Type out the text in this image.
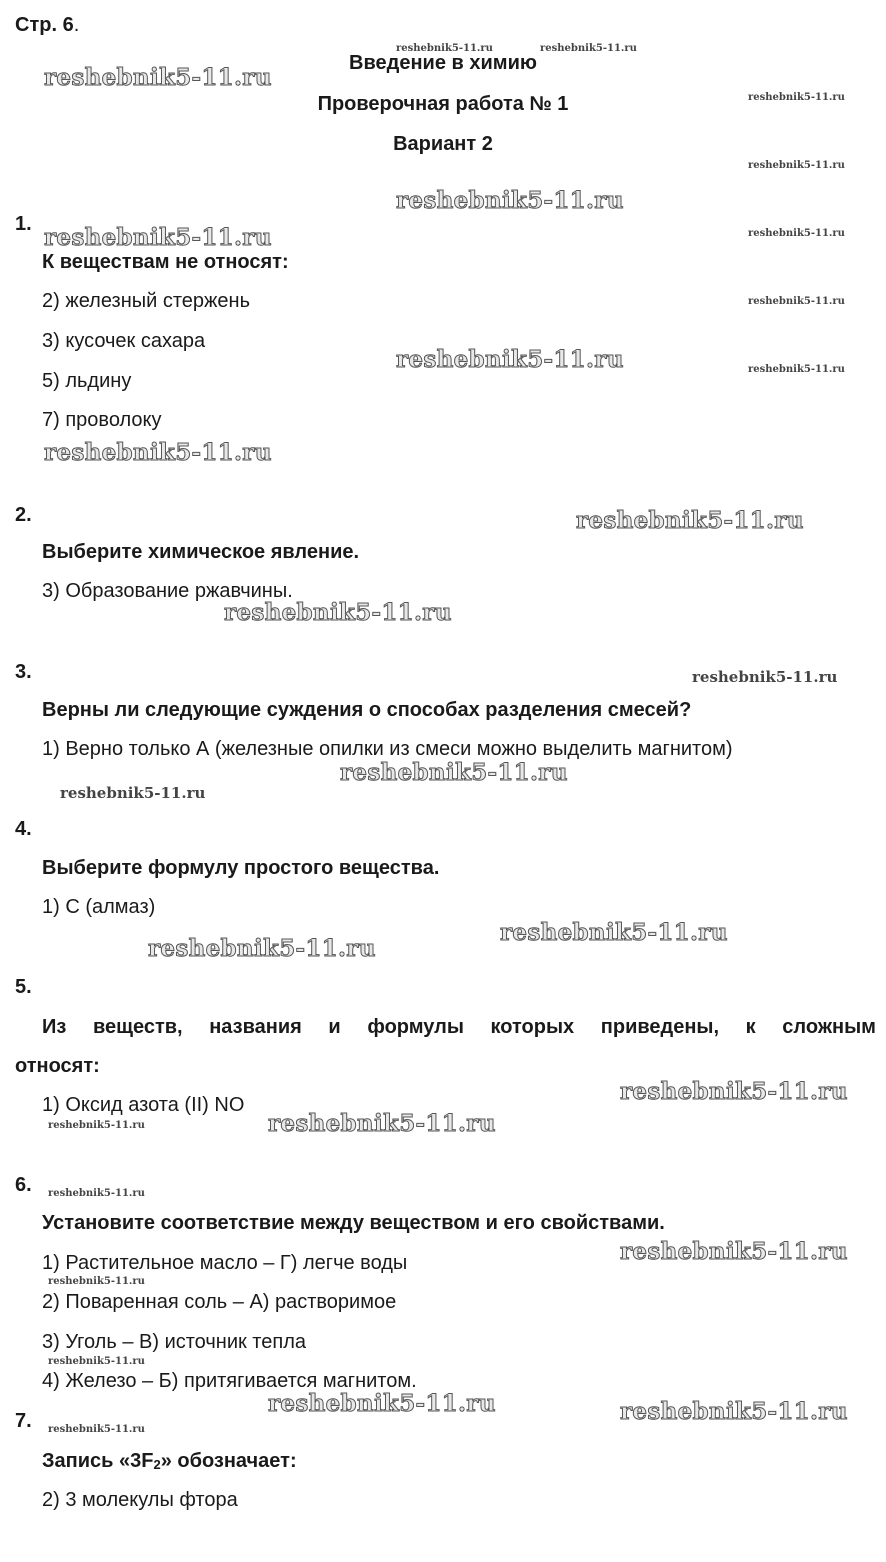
Стр. 6.
Введение в химию
Проверочная работа № 1
Вариант 2
1.
К веществам не относят:
2) железный стержень
3) кусочек сахара
5) льдину
7) проволоку
2.
Выберите химическое явление.
3) Образование ржавчины.
3.
Верны ли следующие суждения о способах разделения смесей?
1) Верно только А (железные опилки из смеси можно выделить магнитом)
4.
Выберите формулу простого вещества.
1) С (алмаз)
5.
Из веществ, названия и формулы которых приведены, к сложным
относят:
1) Оксид азота (II) NO
6.
Установите соответствие между веществом и его свойствами.
1) Растительное масло – Г) легче воды
2) Поваренная соль – А) растворимое
3) Уголь – В) источник тепла
4) Железо – Б) притягивается магнитом.
7.
Запись «$3F_2$» обозначает:
2) 3 молекулы фтора
reshebnik5-11.ru
reshebnik5-11.ru
reshebnik5-11.ru
reshebnik5-11.ru
reshebnik5-11.ru
reshebnik5-11.ru
reshebnik5-11.ru
reshebnik5-11.ru
reshebnik5-11.ru
reshebnik5-11.ru
reshebnik5-11.ru
reshebnik5-11.ru
reshebnik5-11.ru
reshebnik5-11.ru	reshebnik5-11.ru
reshebnik5-11.ru
reshebnik5-11.ru
reshebnik5-11.ru	reshebnik5-11.ru
reshebnik5-11.ru
reshebnik5-11.ru
reshebnik5-11.ru
reshebnik5-11.ru
reshebnik5-11.ru
reshebnik5-11.ru
reshebnik5-11.ru
reshebnik5-11.ru
reshebnik5-11.ru
reshebnik5-11.ru
